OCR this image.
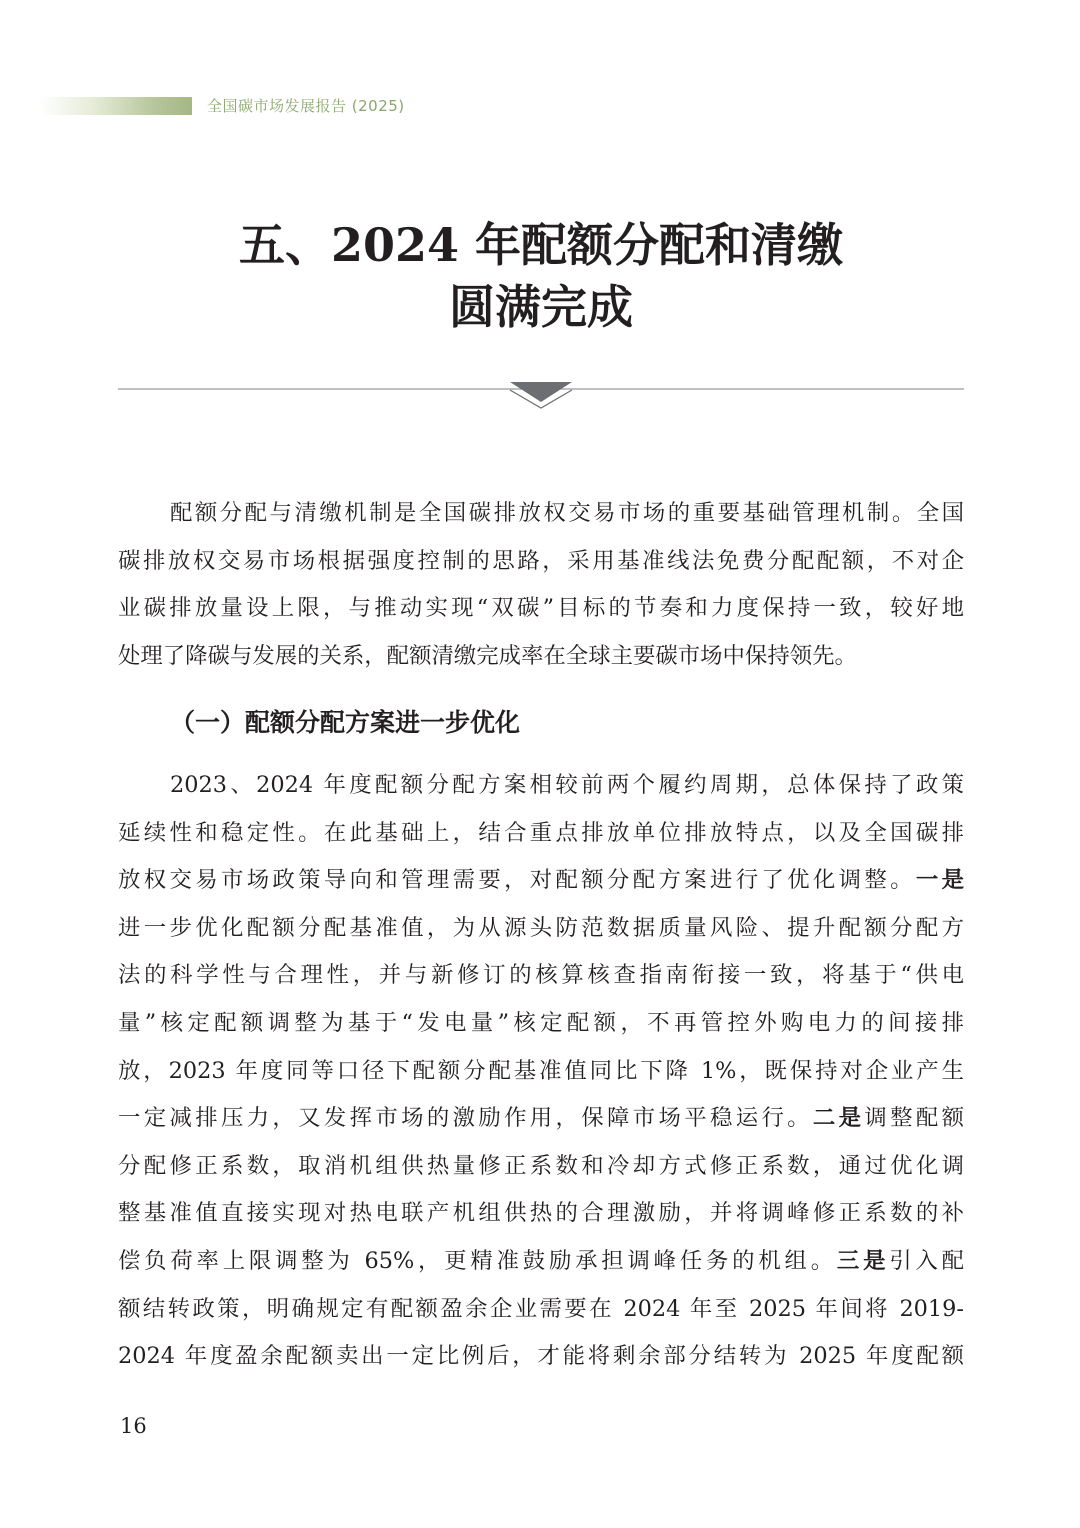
全国碳市场发展报告 (2025)
五、2024 年配额分配和清缴
圆满完成
配额分配与清缴机制是全国碳排放权交易市场的重要基础管理机制。全国
碳排放权交易市场根据强度控制的思路，采用基准线法免费分配配额，不对企
业碳排放量设上限，与推动实现“双碳”目标的节奏和力度保持一致，较好地
处理了降碳与发展的关系，配额清缴完成率在全球主要碳市场中保持领先。
（一）配额分配方案进一步优化
2023、2024 年度配额分配方案相较前两个履约周期，总体保持了政策
延续性和稳定性。在此基础上，结合重点排放单位排放特点，以及全国碳排
放权交易市场政策导向和管理需要，对配额分配方案进行了优化调整。一是
进一步优化配额分配基准值，为从源头防范数据质量风险、提升配额分配方
法的科学性与合理性，并与新修订的核算核查指南衔接一致，将基于“供电
量”核定配额调整为基于“发电量”核定配额，不再管控外购电力的间接排
放，2023 年度同等口径下配额分配基准值同比下降 1%，既保持对企业产生
一定减排压力，又发挥市场的激励作用，保障市场平稳运行。二是调整配额
分配修正系数，取消机组供热量修正系数和冷却方式修正系数，通过优化调
整基准值直接实现对热电联产机组供热的合理激励，并将调峰修正系数的补
偿负荷率上限调整为 65%，更精准鼓励承担调峰任务的机组。三是引入配
额结转政策，明确规定有配额盈余企业需要在 2024 年至 2025 年间将 2019-
2024 年度盈余配额卖出一定比例后，才能将剩余部分结转为 2025 年度配额
16
